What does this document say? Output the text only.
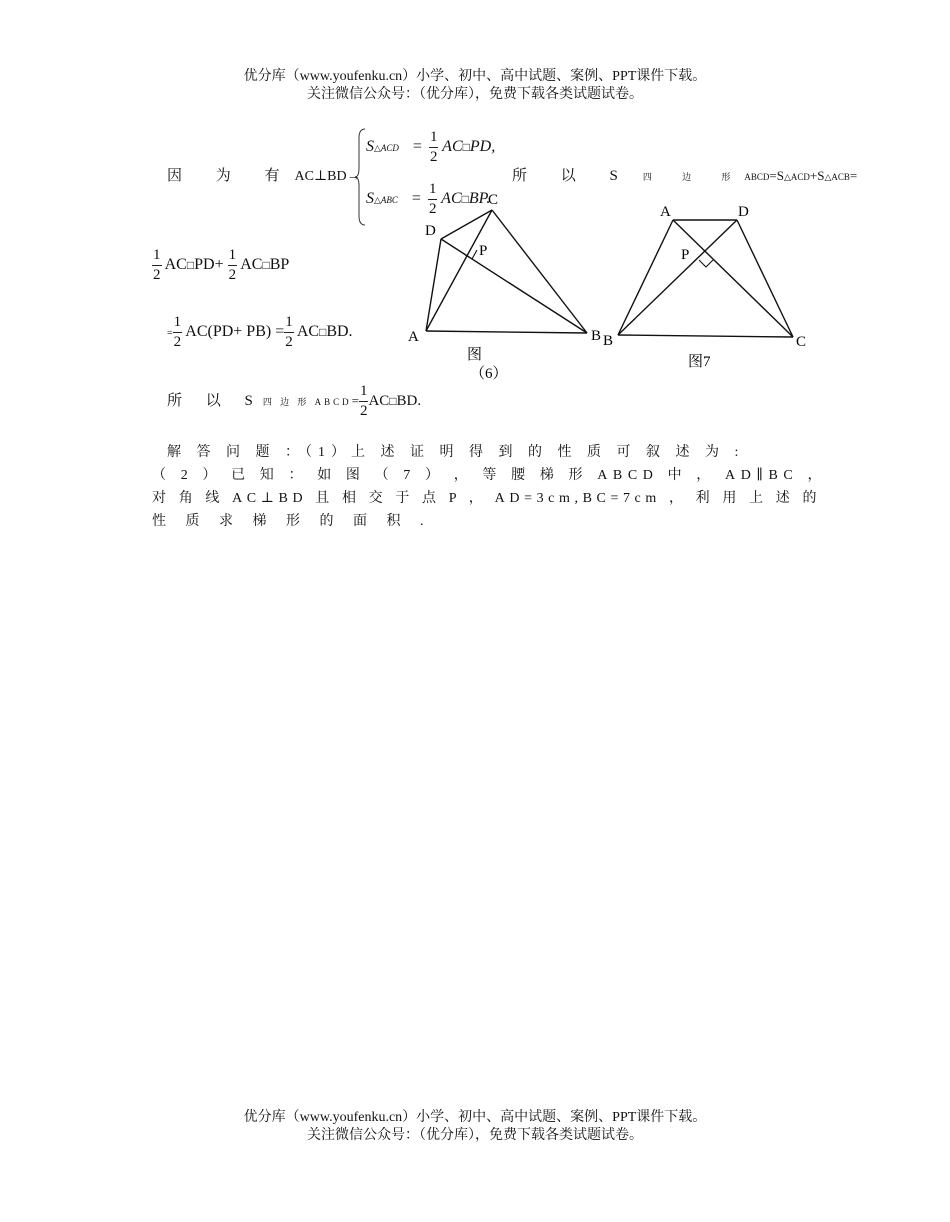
优分库（www.youfenku.cn）小学、初中、高中试题、案例、PPT课件下载。
关注微信公众号：（优分库），免费下载各类试题试卷。
因 为 有AC⊥BD→
S△ACD = $\frac{1}{2}$ AC□PD,
S△ABC = $\frac{1}{2}$ AC□BP.
所 以 S 四 边 形ABCD=S△ACD+S△ACB=
$\frac{1}{2}$ AC□PD+ $\frac{1}{2}$ AC□BP
= $\frac{1}{2} AC(PD+ PB) = \frac{1}{2}$ AC□BD.
所 以 S四 边 形 ABCD= $\frac{1}{2}$ AC□BD.
A	B
C
D
P
图
（6）
A	D
B	C
P
图7
解 答 问 题 ：（1）上 述 证 明 得 到 的 性 质 可 叙 述 为 :
（ 2 ） 已 知 ： 如 图 （ 7 ） ， 等 腰 梯 形 ABCD 中 ， AD∥BC ，
对 角 线 AC⊥BD 且 相 交 于 点 P ， AD=3cm,BC=7cm ， 利 用 上 述 的
性 质 求 梯 形 的 面 积 .
优分库（www.youfenku.cn）小学、初中、高中试题、案例、PPT课件下载。
关注微信公众号：（优分库），免费下载各类试题试卷。
